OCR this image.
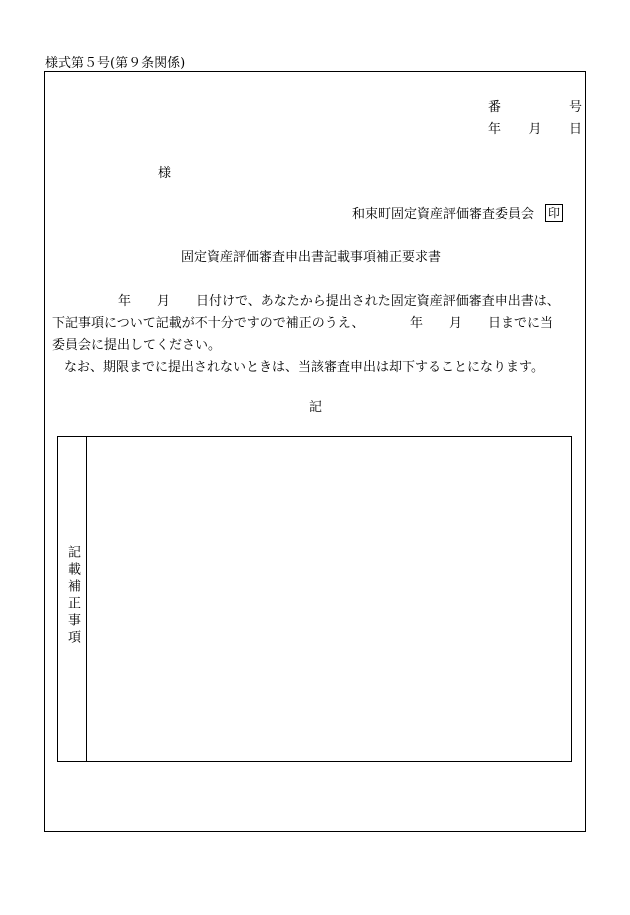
様式第５号(第９条関係)
番	号
年 月 日
様
和束町固定資産評価審査委員会 印
固定資産評価審査申出書記載事項補正要求書
年　　月　　日付けで、あなたから提出された固定資産評価審査申出書は、
下記事項について記載が不十分ですので補正のうえ、　　　　年　　月　　日までに当
委員会に提出してください。
なお、期限までに提出されないときは、当該審査申出は却下することになります。
記
記載補正事項
